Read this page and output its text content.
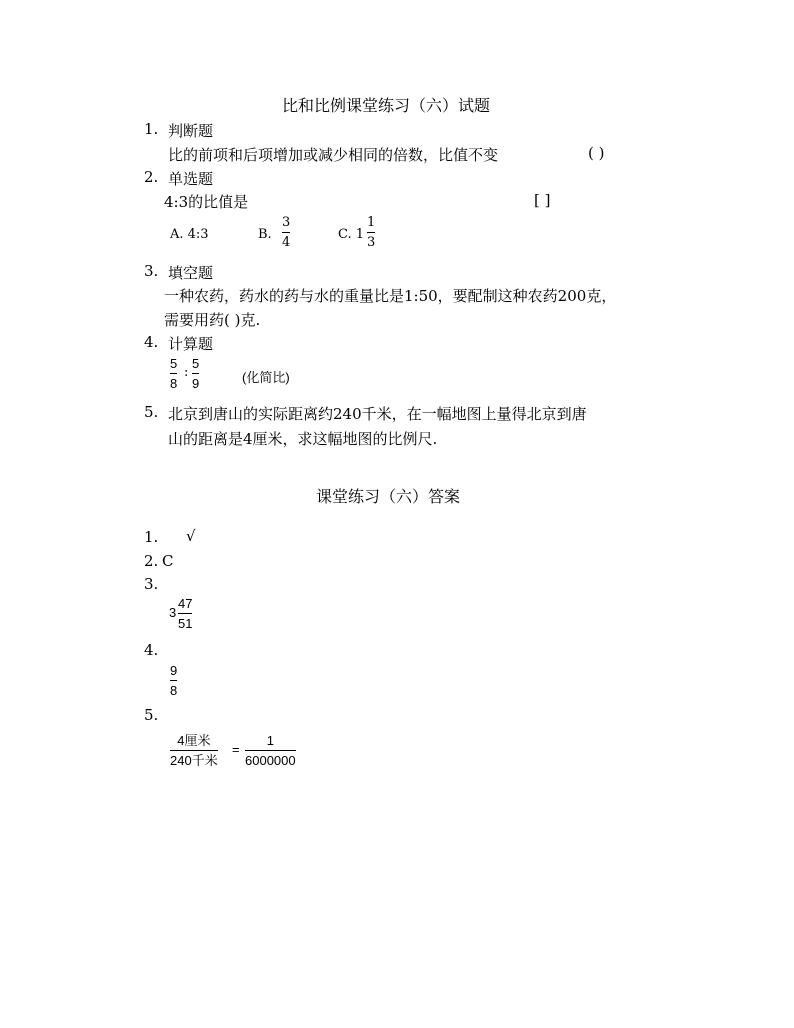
比和比例课堂练习（六）试题
1. 判断题
比的前项和后项增加或减少相同的倍数，比值不变	( )
2. 单选题
4:3的比值是	[ ]
A. 4:3	B.
3
4
C. 1
1
3
3. 填空题
一种农药，药水的药与水的重量比是1:50，要配制这种农药200克，
需要用药( )克.
4. 计算题
5
8
:
5
9	(化简比)
5. 北京到唐山的实际距离约240千米，在一幅地图上量得北京到唐
山的距离是4厘米，求这幅地图的比例尺.
课堂练习（六）答案
1. √
2. C
3.
3
47
51
4.
9
8
5.
4厘米
240千米
=
1
6000000
